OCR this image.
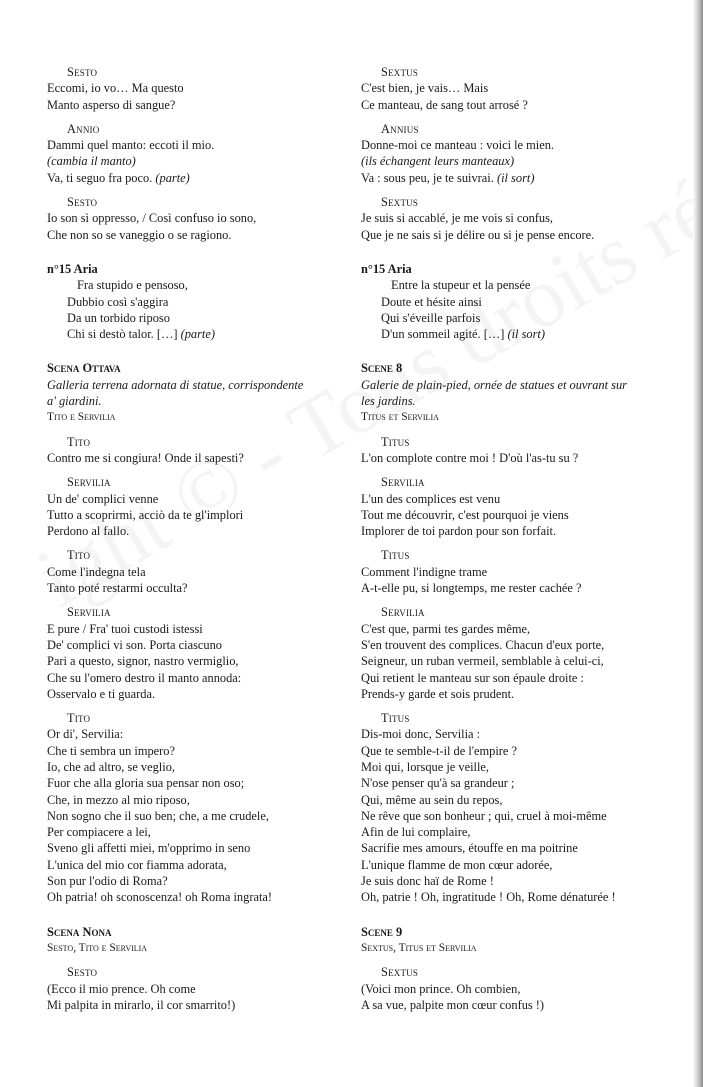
Sesto
Eccomi, io vo… Ma questo
Manto asperso di sangue?
Annio
Dammi quel manto: eccoti il mio.
(cambia il manto)
Va, ti seguo fra poco. (parte)
Sesto
Io son sì oppresso, / Così confuso io sono,
Che non so se vaneggio o se ragiono.
n°15 Aria
Fra stupido e pensoso,
Dubbio così s'aggira
Da un torbido riposo
Chi si destò talor. […] (parte)
Scena Ottava
Galleria terrena adornata di statue, corrispondente
a' giardini.
Tito e Servilia
Tito
Contro me si congiura! Onde il sapesti?
Servilia
Un de' complici venne
Tutto a scoprirmi, acciò da te gl'implori
Perdono al fallo.
Tito
Come l'indegna tela
Tanto poté restarmi occulta?
Servilia
E pure / Fra' tuoi custodi istessi
De' complici vi son. Porta ciascuno
Pari a questo, signor, nastro vermiglio,
Che su l'omero destro il manto annoda:
Osservalo e ti guarda.
Tito
Or di', Servilia:
Che ti sembra un impero?
Io, che ad altro, se veglio,
Fuor che alla gloria sua pensar non oso;
Che, in mezzo al mio riposo,
Non sogno che il suo ben; che, a me crudele,
Per compiacere a lei,
Sveno gli affetti miei, m'opprimo in seno
L'unica del mio cor fiamma adorata,
Son pur l'odio di Roma?
Oh patria! oh sconoscenza! oh Roma ingrata!
Scena Nona
Sesto, Tito e Servilia
Sesto
(Ecco il mio prence. Oh come
Mi palpita in mirarlo, il cor smarrito!)
Sextus
C'est bien, je vais… Mais
Ce manteau, de sang tout arrosé ?
Annius
Donne-moi ce manteau : voici le mien.
(ils échangent leurs manteaux)
Va : sous peu, je te suivrai. (il sort)
Sextus
Je suis si accablé, je me vois si confus,
Que je ne sais si je délire ou si je pense encore.
n°15 Aria
Entre la stupeur et la pensée
Doute et hésite ainsi
Qui s'éveille parfois
D'un sommeil agité. […] (il sort)
Scene 8
Galerie de plain-pied, ornée de statues et ouvrant sur
les jardins.
Titus et Servilia
Titus
L'on complote contre moi ! D'où l'as-tu su ?
Servilia
L'un des complices est venu
Tout me découvrir, c'est pourquoi je viens
Implorer de toi pardon pour son forfait.
Titus
Comment l'indigne trame
A-t-elle pu, si longtemps, me rester cachée ?
Servilia
C'est que, parmi tes gardes même,
S'en trouvent des complices. Chacun d'eux porte,
Seigneur, un ruban vermeil, semblable à celui-ci,
Qui retient le manteau sur son épaule droite :
Prends-y garde et sois prudent.
Titus
Dis-moi donc, Servilia :
Que te semble-t-il de l'empire ?
Moi qui, lorsque je veille,
N'ose penser qu'à sa grandeur ;
Qui, même au sein du repos,
Ne rêve que son bonheur ; qui, cruel à moi-même
Afin de lui complaire,
Sacrifie mes amours, étouffe en ma poitrine
L'unique flamme de mon cœur adorée,
Je suis donc haï de Rome !
Oh, patrie ! Oh, ingratitude ! Oh, Rome dénaturée !
Scene 9
Sextus, Titus et Servilia
Sextus
(Voici mon prince. Oh combien,
A sa vue, palpite mon cœur confus !)
